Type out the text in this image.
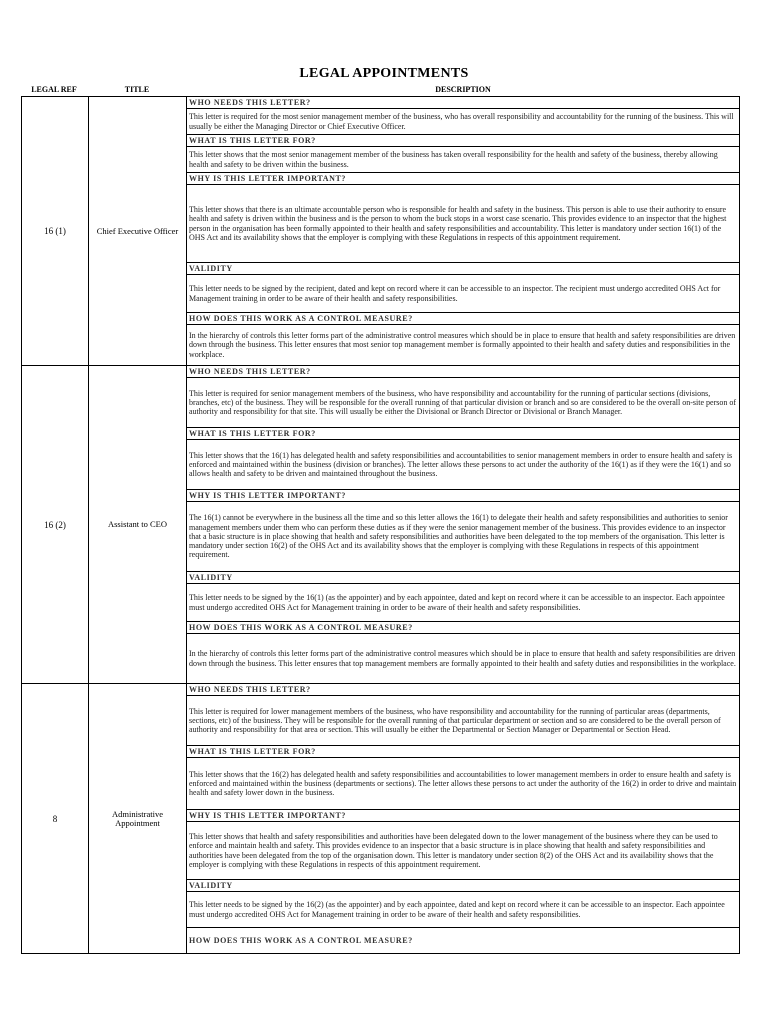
LEGAL APPOINTMENTS
LEGAL REF	TITLE	DESCRIPTION
16 (1)	Chief Executive Officer
WHO NEEDS THIS LETTER?
This letter is required for the most senior management member of the business, who has overall responsibility and accountability for the running of the business. This will usually be either the Managing Director or Chief Executive Officer.
WHAT IS THIS LETTER FOR?
This letter shows that the most senior management member of the business has taken overall responsibility for the health and safety of the business, thereby allowing health and safety to be driven within the business.
WHY IS THIS LETTER IMPORTANT?
This letter shows that there is an ultimate accountable person who is responsible for health and safety in the business. This person is able to use their authority to ensure health and safety is driven within the business and is the person to whom the buck stops in a worst case scenario. This provides evidence to an inspector that the highest person in the organisation has been formally appointed to their health and safety responsibilities and accountability. This letter is mandatory under section 16(1) of the OHS Act and its availability shows that the employer is complying with these Regulations in respects of this appointment requirement.
VALIDITY
This letter needs to be signed by the recipient, dated and kept on record where it can be accessible to an inspector. The recipient must undergo accredited OHS Act for Management training in order to be aware of their health and safety responsibilities.
HOW DOES THIS WORK AS A CONTROL MEASURE?
In the hierarchy of controls this letter forms part of the administrative control measures which should be in place to ensure that health and safety responsibilities are driven down through the business. This letter ensures that most senior top management member is formally appointed to their health and safety duties and responsibilities in the workplace.
16 (2)	Assistant to CEO
WHO NEEDS THIS LETTER?
This letter is required for senior management members of the business, who have responsibility and accountability for the running of particular sections (divisions, branches, etc) of the business. They will be responsible for the overall running of that particular division or branch and so are considered to be the overall on-site person of authority and responsibility for that site. This will usually be either the Divisional or Branch Director or Divisional or Branch Manager.
WHAT IS THIS LETTER FOR?
This letter shows that the 16(1) has delegated health and safety responsibilities and accountabilities to senior management members in order to ensure health and safety is enforced and maintained within the business (division or branches). The letter allows these persons to act under the authority of the 16(1) as if they were the 16(1) and so allows health and safety to be driven and maintained throughout the business.
WHY IS THIS LETTER IMPORTANT?
The 16(1) cannot be everywhere in the business all the time and so this letter allows the 16(1) to delegate their health and safety responsibilities and authorities to senior management members under them who can perform these duties as if they were the senior management member of the business. This provides evidence to an inspector that a basic structure is in place showing that health and safety responsibilities and authorities have been delegated to the top members of the organisation. This letter is mandatory under section 16(2) of the OHS Act and its availability shows that the employer is complying with these Regulations in respects of this appointment requirement.
VALIDITY
This letter needs to be signed by the 16(1) (as the appointer) and by each appointee, dated and kept on record where it can be accessible to an inspector. Each appointee must undergo accredited OHS Act for Management training in order to be aware of their health and safety responsibilities.
HOW DOES THIS WORK AS A CONTROL MEASURE?
In the hierarchy of controls this letter forms part of the administrative control measures which should be in place to ensure that health and safety responsibilities are driven down through the business. This letter ensures that top management members are formally appointed to their health and safety duties and responsibilities in the workplace.
8	Administrative Appointment
WHO NEEDS THIS LETTER?
This letter is required for lower management members of the business, who have responsibility and accountability for the running of particular areas (departments, sections, etc) of the business. They will be responsible for the overall running of that particular department or section and so are considered to be the overall person of authority and responsibility for that area or section. This will usually be either the Departmental or Section Manager or Departmental or Section Head.
WHAT IS THIS LETTER FOR?
This letter shows that the 16(2) has delegated health and safety responsibilities and accountabilities to lower management members in order to ensure health and safety is enforced and maintained within the business (departments or sections). The letter allows these persons to act under the authority of the 16(2) in order to drive and maintain health and safety lower down in the business.
WHY IS THIS LETTER IMPORTANT?
This letter shows that health and safety responsibilities and authorities have been delegated down to the lower management of the business where they can be used to enforce and maintain health and safety. This provides evidence to an inspector that a basic structure is in place showing that health and safety responsibilities and authorities have been delegated from the top of the organisation down. This letter is mandatory under section 8(2) of the OHS Act and its availability shows that the employer is complying with these Regulations in respects of this appointment requirement.
VALIDITY
This letter needs to be signed by the 16(2) (as the appointer) and by each appointee, dated and kept on record where it can be accessible to an inspector. Each appointee must undergo accredited OHS Act for Management training in order to be aware of their health and safety responsibilities.
HOW DOES THIS WORK AS A CONTROL MEASURE?
